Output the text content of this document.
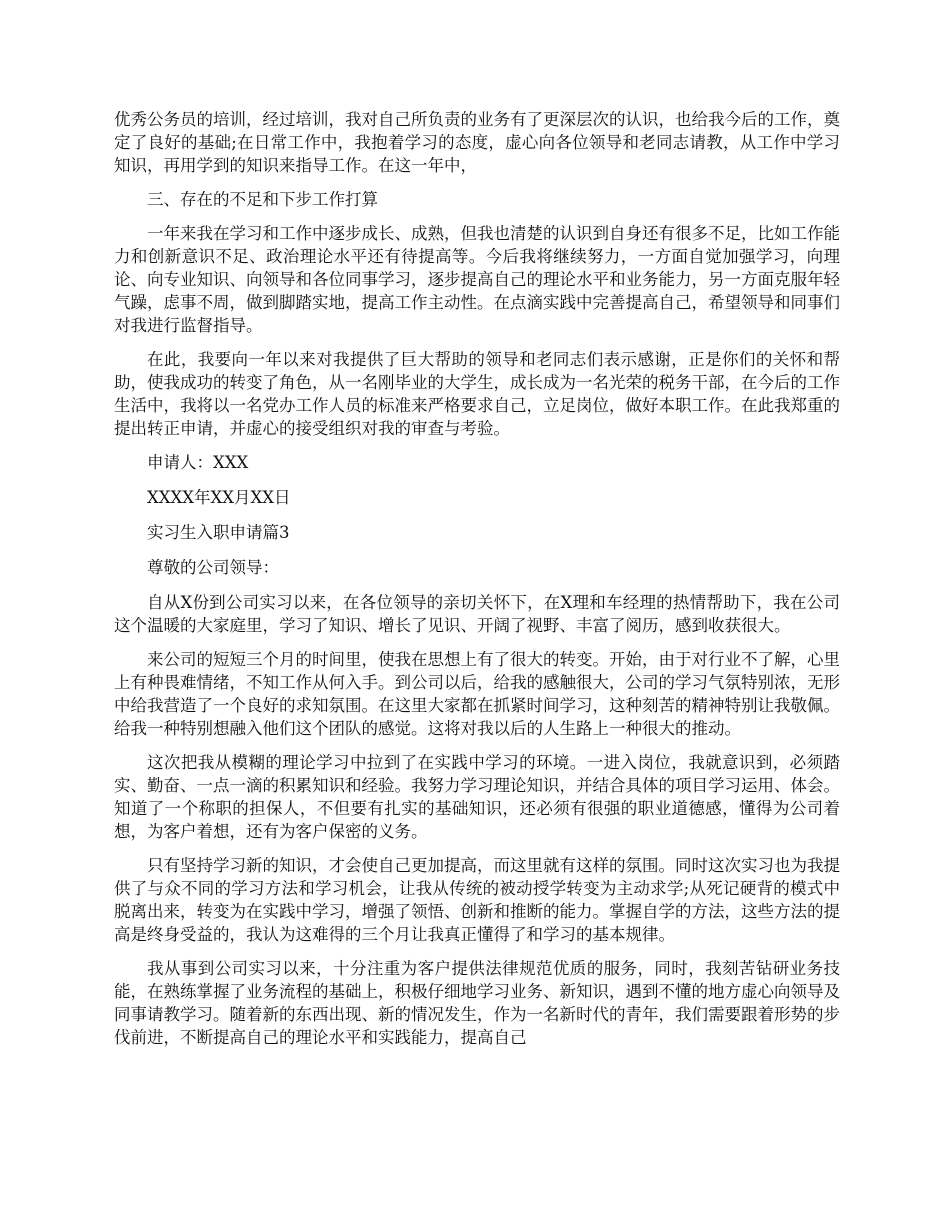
优秀公务员的培训，经过培训，我对自己所负责的业务有了更深层次的认识，也给我今后的工作，奠定了良好的基础;在日常工作中，我抱着学习的态度，虚心向各位领导和老同志请教，从工作中学习知识，再用学到的知识来指导工作。在这一年中，

三、存在的不足和下步工作打算

一年来我在学习和工作中逐步成长、成熟，但我也清楚的认识到自身还有很多不足，比如工作能力和创新意识不足、政治理论水平还有待提高等。今后我将继续努力，一方面自觉加强学习，向理论、向专业知识、向领导和各位同事学习，逐步提高自己的理论水平和业务能力，另一方面克服年轻气躁，虑事不周，做到脚踏实地，提高工作主动性。在点滴实践中完善提高自己，希望领导和同事们对我进行监督指导。

在此，我要向一年以来对我提供了巨大帮助的领导和老同志们表示感谢，正是你们的关怀和帮助，使我成功的转变了角色，从一名刚毕业的大学生，成长成为一名光荣的税务干部，在今后的工作生活中，我将以一名党办工作人员的标准来严格要求自己，立足岗位，做好本职工作。在此我郑重的提出转正申请，并虚心的接受组织对我的审查与考验。

申请人：XXX

XXXX年XX月XX日

实习生入职申请篇3

尊敬的公司领导：

自从X份到公司实习以来，在各位领导的亲切关怀下，在X理和车经理的热情帮助下，我在公司这个温暖的大家庭里，学习了知识、增长了见识、开阔了视野、丰富了阅历，感到收获很大。

来公司的短短三个月的时间里，使我在思想上有了很大的转变。开始，由于对行业不了解，心里上有种畏难情绪，不知工作从何入手。到公司以后，给我的感触很大，公司的学习气氛特别浓，无形中给我营造了一个良好的求知氛围。在这里大家都在抓紧时间学习，这种刻苦的精神特别让我敬佩。给我一种特别想融入他们这个团队的感觉。这将对我以后的人生路上一种很大的推动。

这次把我从模糊的理论学习中拉到了在实践中学习的环境。一进入岗位，我就意识到，必须踏实、勤奋、一点一滴的积累知识和经验。我努力学习理论知识，并结合具体的项目学习运用、体会。知道了一个称职的担保人，不但要有扎实的基础知识，还必须有很强的职业道德感，懂得为公司着想，为客户着想，还有为客户保密的义务。

只有坚持学习新的知识，才会使自己更加提高，而这里就有这样的氛围。同时这次实习也为我提供了与众不同的学习方法和学习机会，让我从传统的被动授学转变为主动求学;从死记硬背的模式中脱离出来，转变为在实践中学习，增强了领悟、创新和推断的能力。掌握自学的方法，这些方法的提高是终身受益的，我认为这难得的三个月让我真正懂得了和学习的基本规律。

我从事到公司实习以来，十分注重为客户提供法律规范优质的服务，同时，我刻苦钻研业务技能，在熟练掌握了业务流程的基础上，积极仔细地学习业务、新知识，遇到不懂的地方虚心向领导及同事请教学习。随着新的东西出现、新的情况发生，作为一名新时代的青年，我们需要跟着形势的步伐前进，不断提高自己的理论水平和实践能力，提高自己
